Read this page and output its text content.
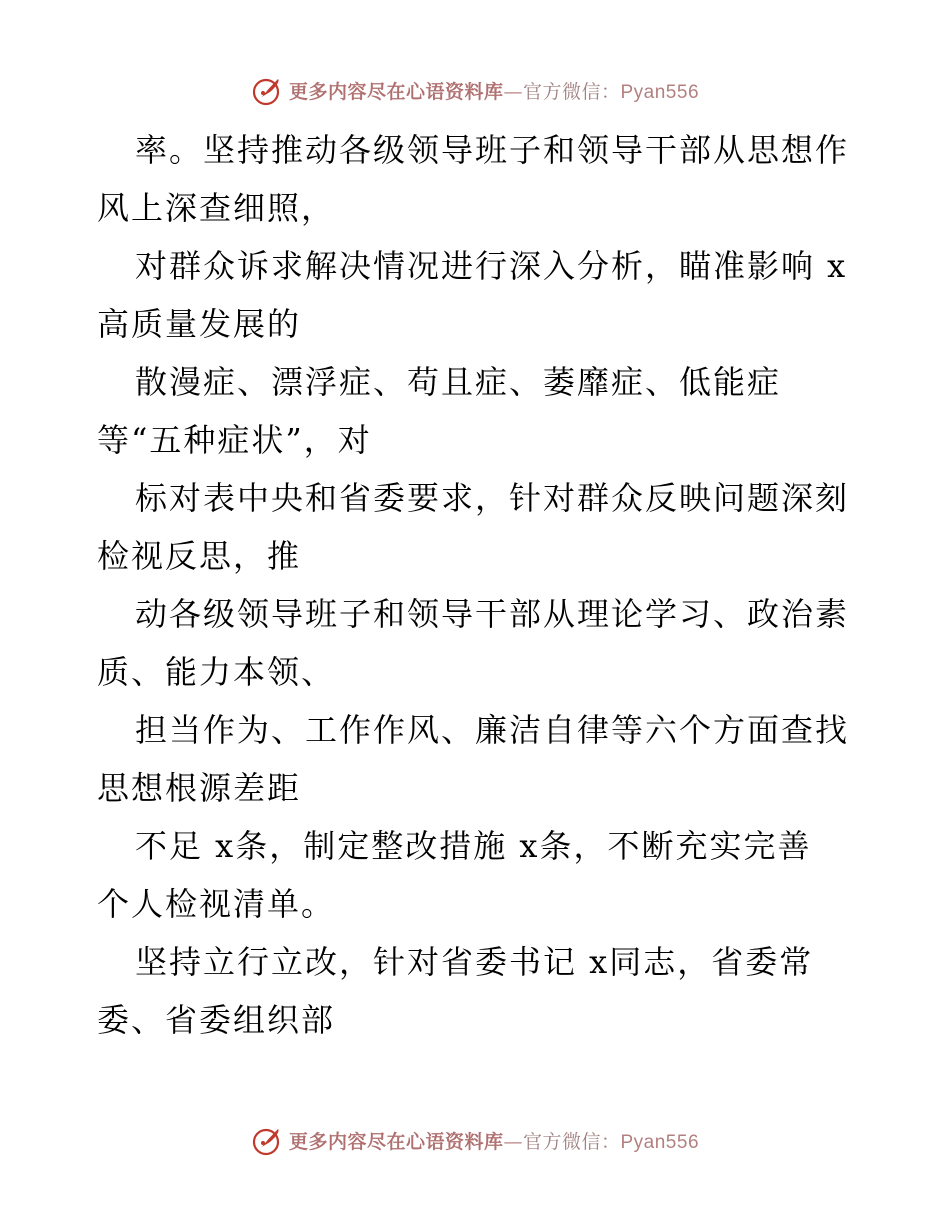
更多内容尽在心语资料库—官方微信：Pyan556
率。坚持推动各级领导班子和领导干部从思想作
风上深查细照，
对群众诉求解决情况进行深入分析，瞄准影响 x
高质量发展的
散漫症、漂浮症、苟且症、萎靡症、低能症
等“五种症状”，对
标对表中央和省委要求，针对群众反映问题深刻
检视反思，推
动各级领导班子和领导干部从理论学习、政治素
质、能力本领、
担当作为、工作作风、廉洁自律等六个方面查找
思想根源差距
不足 x条，制定整改措施 x条，不断充实完善
个人检视清单。
坚持立行立改，针对省委书记 x同志，省委常
委、省委组织部
更多内容尽在心语资料库—官方微信：Pyan556
